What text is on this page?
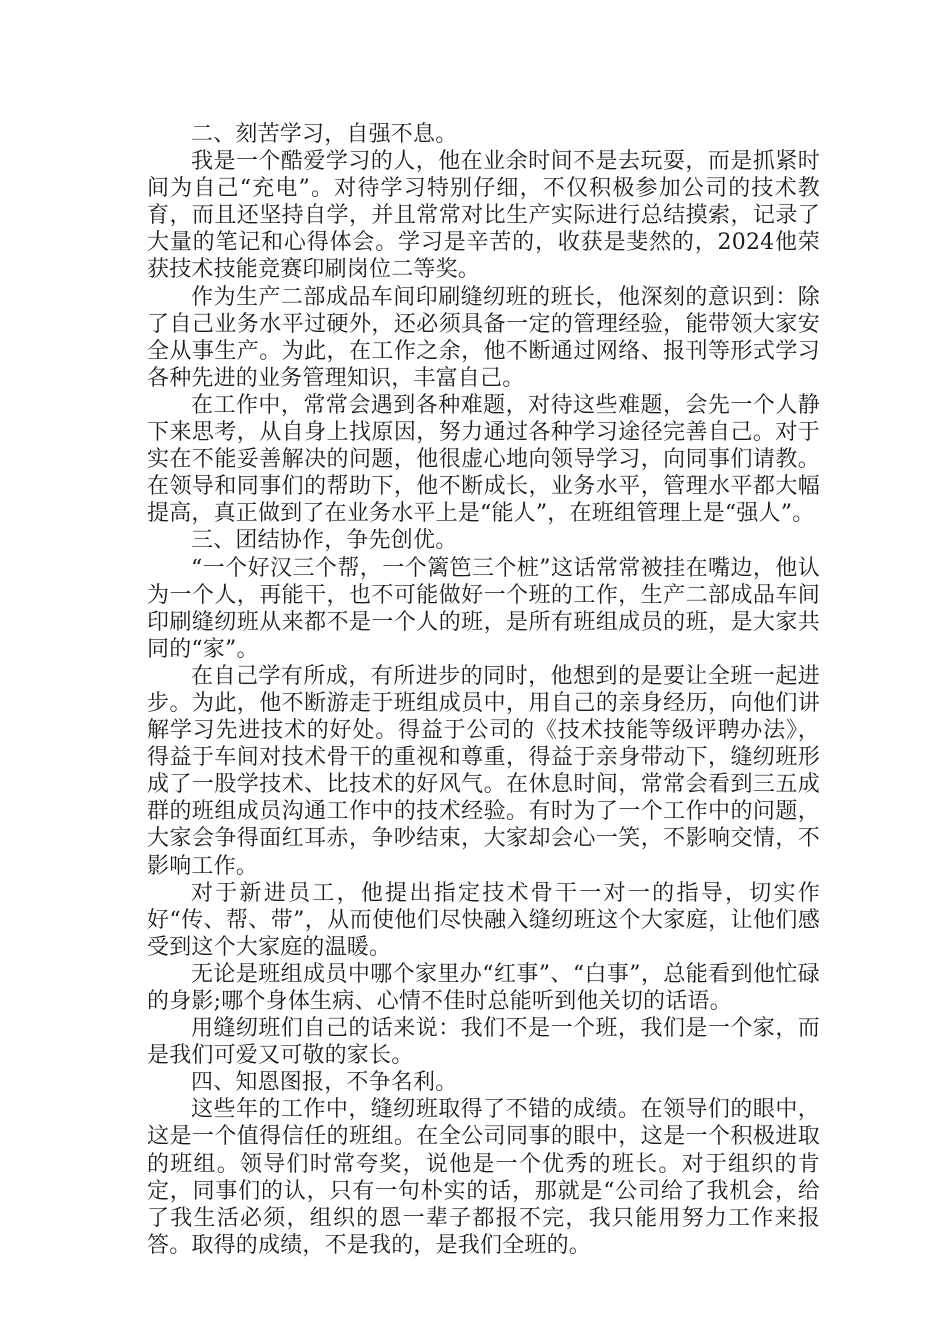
二、刻苦学习，自强不息。

我是一个酷爱学习的人，他在业余时间不是去玩耍，而是抓紧时间为自己“充电”。对待学习特别仔细，不仅积极参加公司的技术教育，而且还坚持自学，并且常常对比生产实际进行总结摸索，记录了大量的笔记和心得体会。学习是辛苦的，收获是斐然的，2024他荣获技术技能竞赛印刷岗位二等奖。

作为生产二部成品车间印刷缝纫班的班长，他深刻的意识到：除了自己业务水平过硬外，还必须具备一定的管理经验，能带领大家安全从事生产。为此，在工作之余，他不断通过网络、报刊等形式学习各种先进的业务管理知识，丰富自己。

在工作中，常常会遇到各种难题，对待这些难题，会先一个人静下来思考，从自身上找原因，努力通过各种学习途径完善自己。对于实在不能妥善解决的问题，他很虚心地向领导学习，向同事们请教。在领导和同事们的帮助下，他不断成长，业务水平，管理水平都大幅提高，真正做到了在业务水平上是“能人”，在班组管理上是“强人”。

三、团结协作，争先创优。

“一个好汉三个帮，一个篱笆三个桩”这话常常被挂在嘴边，他认为一个人，再能干，也不可能做好一个班的工作，生产二部成品车间印刷缝纫班从来都不是一个人的班，是所有班组成员的班，是大家共同的“家”。

在自己学有所成，有所进步的同时，他想到的是要让全班一起进步。为此，他不断游走于班组成员中，用自己的亲身经历，向他们讲解学习先进技术的好处。得益于公司的《技术技能等级评聘办法》，得益于车间对技术骨干的重视和尊重，得益于亲身带动下，缝纫班形成了一股学技术、比技术的好风气。在休息时间，常常会看到三五成群的班组成员沟通工作中的技术经验。有时为了一个工作中的问题，大家会争得面红耳赤，争吵结束，大家却会心一笑，不影响交情，不影响工作。

对于新进员工，他提出指定技术骨干一对一的指导，切实作好“传、帮、带”，从而使他们尽快融入缝纫班这个大家庭，让他们感受到这个大家庭的温暖。

无论是班组成员中哪个家里办“红事”、“白事”，总能看到他忙碌的身影;哪个身体生病、心情不佳时总能听到他关切的话语。

用缝纫班们自己的话来说：我们不是一个班，我们是一个家，而是我们可爱又可敬的家长。

四、知恩图报，不争名利。

这些年的工作中，缝纫班取得了不错的成绩。在领导们的眼中，这是一个值得信任的班组。在全公司同事的眼中，这是一个积极进取的班组。领导们时常夸奖，说他是一个优秀的班长。对于组织的肯定，同事们的认，只有一句朴实的话，那就是“公司给了我机会，给了我生活必须，组织的恩一辈子都报不完，我只能用努力工作来报答。取得的成绩，不是我的，是我们全班的。
